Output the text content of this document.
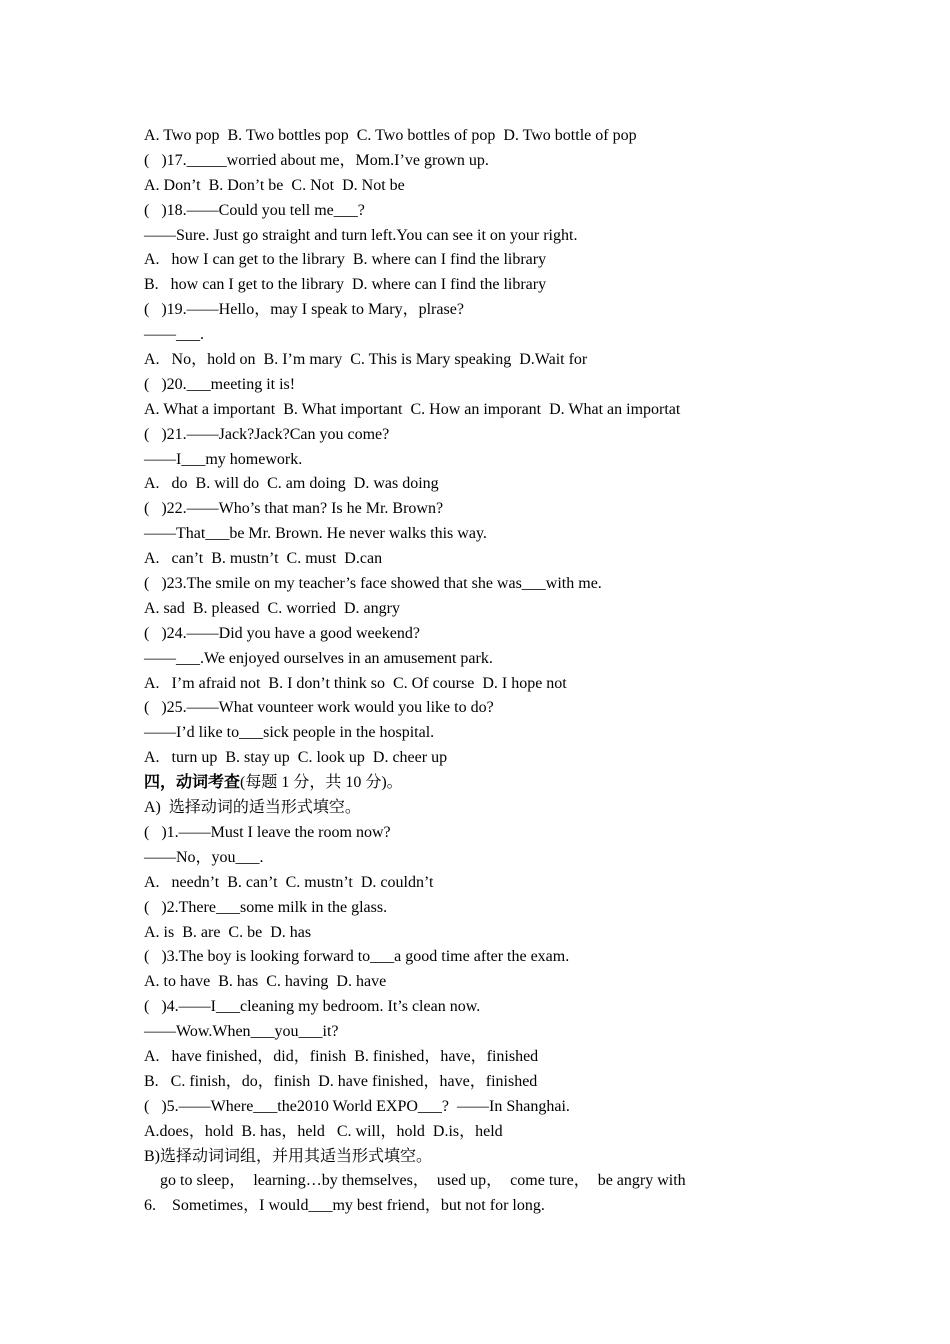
A. Two pop  B. Two bottles pop  C. Two bottles of pop  D. Two bottle of pop
(   )17._____worried about me，Mom.I’ve grown up.
A. Don’t  B. Don’t be  C. Not  D. Not be
(   )18.——Could you tell me___?
——Sure. Just go straight and turn left.You can see it on your right.
A.   how I can get to the library  B. where can I find the library
B.   how can I get to the library  D. where can I find the library
(   )19.——Hello，may I speak to Mary，plrase?
——___.
A.   No，hold on  B. I’m mary  C. This is Mary speaking  D.Wait for
(   )20.___meeting it is!
A. What a important  B. What important  C. How an imporant  D. What an importat
(   )21.——Jack?Jack?Can you come?
——I___my homework.
A.   do  B. will do  C. am doing  D. was doing
(   )22.——Who’s that man? Is he Mr. Brown?
——That___be Mr. Brown. He never walks this way.
A.   can’t  B. mustn’t  C. must  D.can
(   )23.The smile on my teacher’s face showed that she was___with me.
A. sad  B. pleased  C. worried  D. angry
(   )24.——Did you have a good weekend?
——___.We enjoyed ourselves in an amusement park.
A.   I’m afraid not  B. I don’t think so  C. Of course  D. I hope not
(   )25.——What vounteer work would you like to do?
——I’d like to___sick people in the hospital.
A.   turn up  B. stay up  C. look up  D. cheer up
四，动词考查(每题 1 分，共 10 分)。
A)  选择动词的适当形式填空。
(   )1.——Must I leave the room now?
——No，you___.
A.   needn’t  B. can’t  C. mustn’t  D. couldn’t
(   )2.There___some milk in the glass.
A. is  B. are  C. be  D. has
(   )3.The boy is looking forward to___a good time after the exam.
A. to have  B. has  C. having  D. have
(   )4.——I___cleaning my bedroom. It’s clean now.
——Wow.When___you___it?
A.   have finished，did，finish  B. finished，have，finished
B.   C. finish，do，finish  D. have finished，have，finished
(   )5.——Where___the2010 World EXPO___?  ——In Shanghai.
A.does，hold  B. has，held   C. will，hold  D.is，held
B)选择动词词组，并用其适当形式填空。
go to sleep，  learning…by themselves，  used up，  come ture，  be angry with
6.    Sometimes，I would___my best friend，but not for long.
